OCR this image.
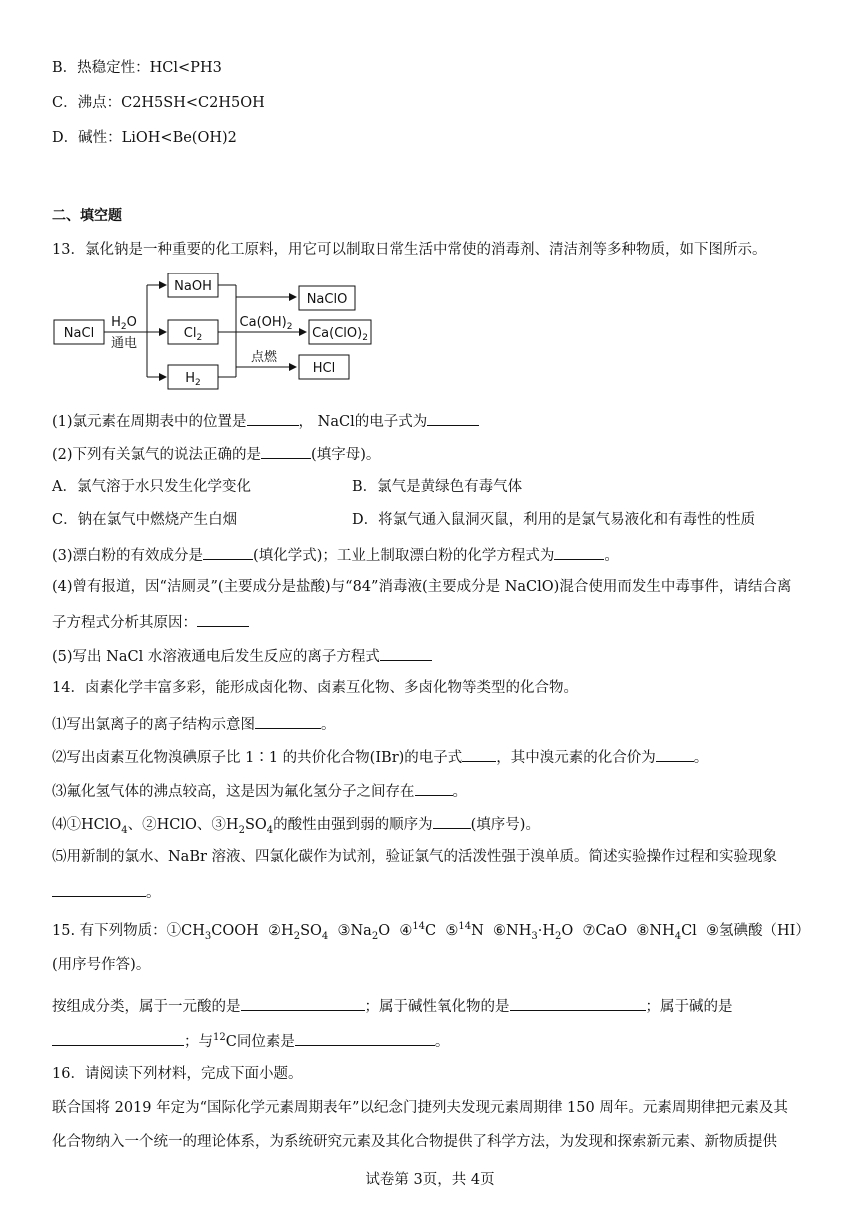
B．热稳定性：HCl<PH3
C．沸点：C2H5SH<C2H5OH
D．碱性：LiOH<Be(OH)2
二、填空题
13．氯化钠是一种重要的化工原料，用它可以制取日常生活中常使的消毒剂、清洁剂等多种物质，如下图所示。
NaCl
$H_2O$
通电
NaOH
$Cl_2$
$H_2$
$Ca(OH)_2$
点燃
NaClO
$Ca(ClO)_2$
HCl
(1)氯元素在周期表中的位置是	， NaCl的电子式为
(2)下列有关氯气的说法正确的是	(填字母)。
A．氯气溶于水只发生化学变化	B．氯气是黄绿色有毒气体
C．钠在氯气中燃烧产生白烟	D．将氯气通入鼠洞灭鼠，利用的是氯气易液化和有毒性的性质
(3)漂白粉的有效成分是	(填化学式)；工业上制取漂白粉的化学方程式为	。
(4)曾有报道，因“洁厕灵”(主要成分是盐酸)与“84”消毒液(主要成分是 NaClO)混合使用而发生中毒事件，请结合离
子方程式分析其原因：
(5)写出 NaCl 水溶液通电后发生反应的离子方程式
14．卤素化学丰富多彩，能形成卤化物、卤素互化物、多卤化物等类型的化合物。
⑴写出氯离子的离子结构示意图	。
⑵写出卤素互化物溴碘原子比 1∶1 的共价化合物(IBr)的电子式 ，其中溴元素的化合价为	。
⑶氟化氢气体的沸点较高，这是因为氟化氢分子之间存在	。
⑷①HClO$_4$、②HClO、$③H_2SO_4$的酸性由强到弱的顺序为	(填序号)。
⑸用新制的氯水、NaBr 溶液、四氯化碳作为试剂，验证氯气的活泼性强于溴单质。简述实验操作过程和实验现象
。
15. 有下列物质：$①CH_3COOH$ $②H_2SO_4$ $③Na_2O$ ④$^{14}$C ⑤$^{14}$N $⑥NH_3\cdot H_2O$ ⑦CaO $⑧NH_4Cl$ ⑨氢碘酸（HI）
(用序号作答)。
按组成分类，属于一元酸的是	；属于碱性氧化物的是	；属于碱的是
；与$^{12}$C同位素是	。
16．请阅读下列材料，完成下面小题。
联合国将 2019 年定为“国际化学元素周期表年”以纪念门捷列夫发现元素周期律 150 周年。元素周期律把元素及其
化合物纳入一个统一的理论体系，为系统研究元素及其化合物提供了科学方法，为发现和探索新元素、新物质提供
试卷第 3页，共 4页
